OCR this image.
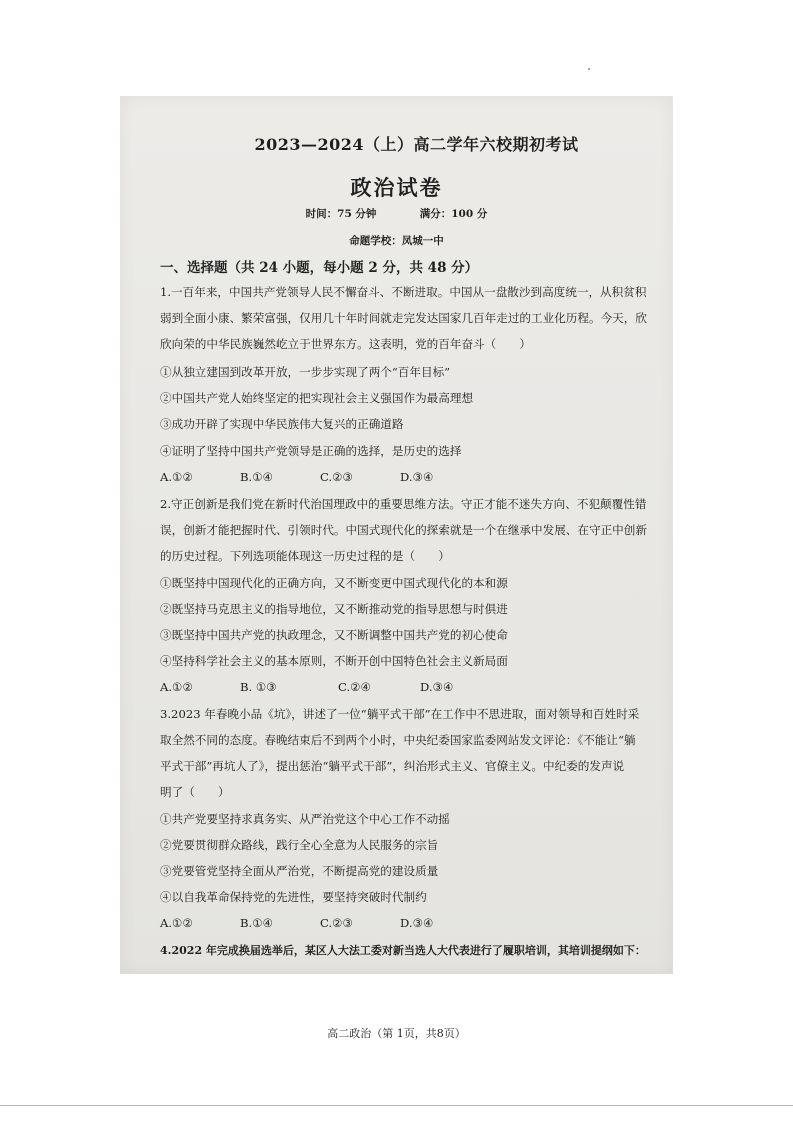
2023—2024（上）高二学年六校期初考试
政治试卷
时间：75 分钟	满分：100 分
命题学校：凤城一中
一、选择题（共 24 小题，每小题 2 分，共 48 分）
1.一百年来，中国共产党领导人民不懈奋斗、不断进取。中国从一盘散沙到高度统一，从积贫积
弱到全面小康、繁荣富强，仅用几十年时间就走完发达国家几百年走过的工业化历程。今天，欣
欣向荣的中华民族巍然屹立于世界东方。这表明，党的百年奋斗（　　）
①从独立建国到改革开放，一步步实现了两个“百年目标”
②中国共产党人始终坚定的把实现社会主义强国作为最高理想
③成功开辟了实现中华民族伟大复兴的正确道路
④证明了坚持中国共产党领导是正确的选择，是历史的选择
A.①②	B.①④	C.②③	D.③④
2.守正创新是我们党在新时代治国理政中的重要思维方法。守正才能不迷失方向、不犯颠覆性错
误，创新才能把握时代、引领时代。中国式现代化的探索就是一个在继承中发展、在守正中创新
的历史过程。下列选项能体现这一历史过程的是（　　）
①既坚持中国现代化的正确方向，又不断变更中国式现代化的本和源
②既坚持马克思主义的指导地位，又不断推动党的指导思想与时俱进
③既坚持中国共产党的执政理念，又不断调整中国共产党的初心使命
④坚持科学社会主义的基本原则，不断开创中国特色社会主义新局面
A.①②	B. ①③	C.②④	D.③④
3.2023 年春晚小品《坑》，讲述了一位“躺平式干部”在工作中不思进取，面对领导和百姓时采
取全然不同的态度。春晚结束后不到两个小时，中央纪委国家监委网站发文评论：《不能让“躺
平式干部”再坑人了》，提出惩治“躺平式干部”，纠治形式主义、官僚主义。中纪委的发声说
明了（　　）
①共产党要坚持求真务实、从严治党这个中心工作不动摇
②党要贯彻群众路线，践行全心全意为人民服务的宗旨
③党要管党坚持全面从严治党，不断提高党的建设质量
④以自我革命保持党的先进性，要坚持突破时代制约
A.①②	B.①④	C.②③	D.③④
4.2022 年完成换届选举后，某区人大法工委对新当选人大代表进行了履职培训，其培训提纲如下：
高二政治（第 1页，共8页）
